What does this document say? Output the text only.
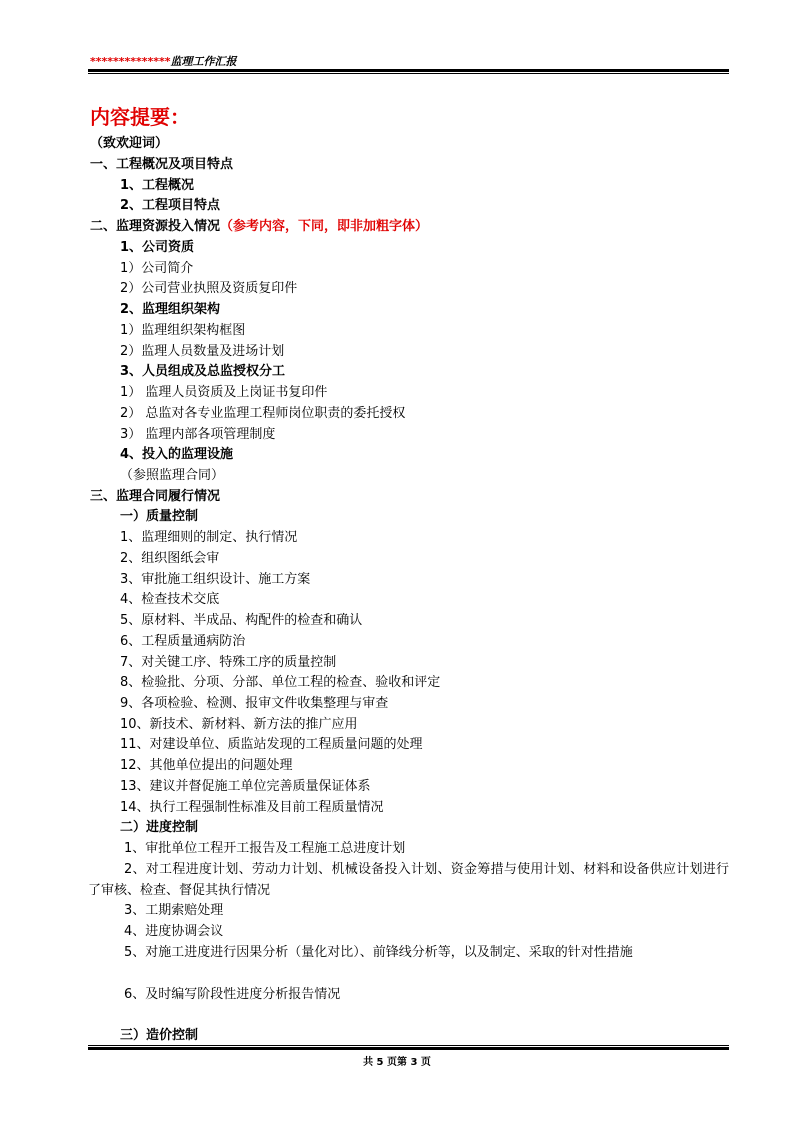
**************监理工作汇报
内容提要：
（致欢迎词）
一、工程概况及项目特点
1、工程概况
2、工程项目特点
二、监理资源投入情况（参考内容，下同，即非加粗字体）
1、公司资质
1）公司简介
2）公司营业执照及资质复印件
2、监理组织架构
1）监理组织架构框图
2）监理人员数量及进场计划
3、人员组成及总监授权分工
1） 监理人员资质及上岗证书复印件
2） 总监对各专业监理工程师岗位职责的委托授权
3） 监理内部各项管理制度
4、投入的监理设施
（参照监理合同）
三、监理合同履行情况
一）质量控制
1、监理细则的制定、执行情况
2、组织图纸会审
3、审批施工组织设计、施工方案
4、检查技术交底
5、原材料、半成品、构配件的检查和确认
6、工程质量通病防治
7、对关键工序、特殊工序的质量控制
8、检验批、分项、分部、单位工程的检查、验收和评定
9、各项检验、检测、报审文件收集整理与审查
10、新技术、新材料、新方法的推广应用
11、对建设单位、质监站发现的工程质量问题的处理
12、其他单位提出的问题处理
13、建议并督促施工单位完善质量保证体系
14、执行工程强制性标准及目前工程质量情况
二）进度控制
1、审批单位工程开工报告及工程施工总进度计划
2、对工程进度计划、劳动力计划、机械设备投入计划、资金筹措与使用计划、材料和设备供应计划进行了审核、检查、督促其执行情况
3、工期索赔处理
4、进度协调会议
5、对施工进度进行因果分析（量化对比）、前锋线分析等，以及制定、采取的针对性措施
6、及时编写阶段性进度分析报告情况
三）造价控制
共 5 页第 3 页
